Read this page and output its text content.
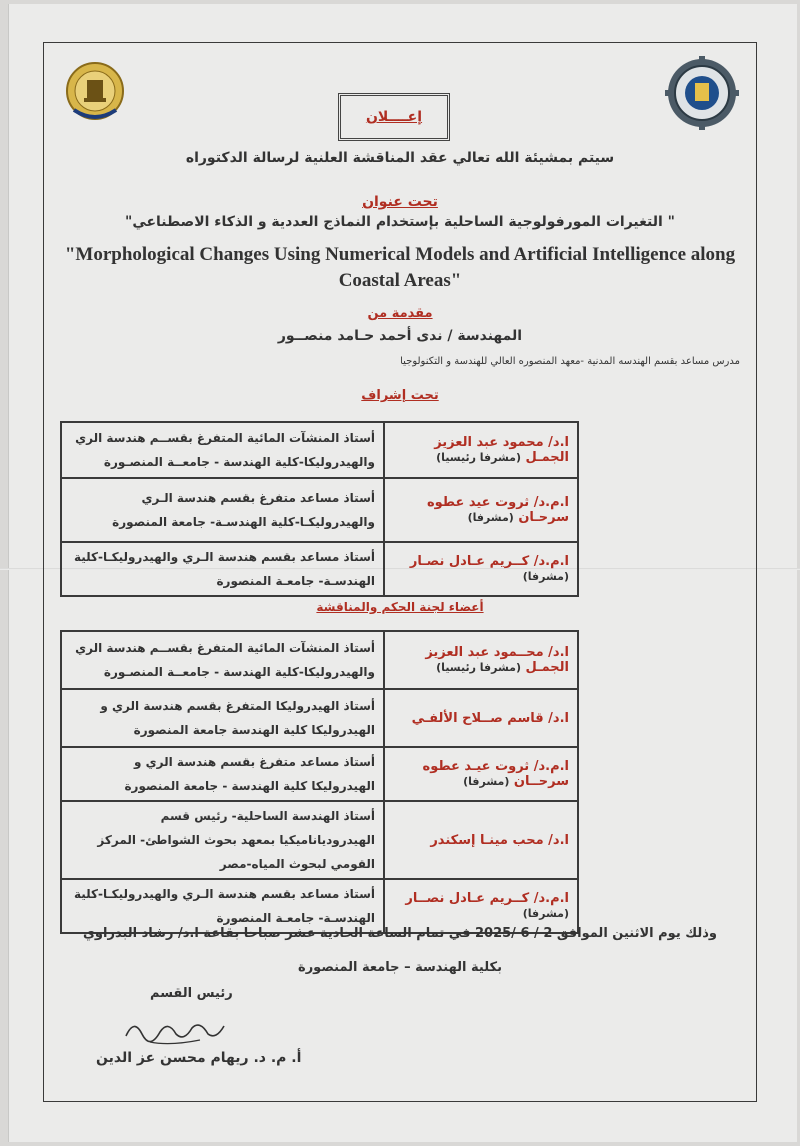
إعــــلان
سيتم بمشيئة الله تعالي عقد المناقشة العلنية لرسالة الدكتوراه
تحت عنوان
" التغيرات المورفولوجية الساحلية بإستخدام النماذج العددية و الذكاء الاصطناعي"
"Morphological Changes Using Numerical Models and Artificial Intelligence along
Coastal Areas"
مقدمة من
المهندسة / ندى أحمد حـامد منصــور
مدرس مساعد بقسم الهندسه المدنية -معهد المنصوره العالي للهندسة و التكنولوجيا
تحت إشراف
ا.د/ محمود عبد العزيز الجمـل (مشرفا رئيسيا)	أستاذ المنشآت المائية المتفرغ بقســم هندسة الري والهيدروليكا-كلية الهندسة - جامعــة المنصـورة
ا.م.د/ ثروت عيد عطوه سرحـان (مشرفا)	أستاذ مساعد متفرغ بقسم هندسة الـري والهيدروليكـا-كلية الهندسـة- جامعة المنصورة
ا.م.د/ كــريم عـادل نصـار (مشرفا)	أستاذ مساعد بقسم هندسة الـري والهيدروليكـا-كلية الهندسـة- جامعـة المنصورة
أعضاء لجنة الحكم والمناقشة
ا.د/ محــمود عبد العزيز الجمـل (مشرفا رئيسيا)	أستاذ المنشآت المائية المتفرغ بقســم هندسة الري والهيدروليكا-كلية الهندسة - جامعــة المنصـورة
ا.د/ قاسم صــلاح الألفـي	أستاذ الهيدروليكا المتفرغ بقسم هندسة الري و الهيدروليكا كلية الهندسة جامعة المنصورة
ا.م.د/ ثروت عيـد عطوه سرحــان (مشرفا)	أستاذ مساعد متفرغ بقسم هندسة الري و الهيدروليكا كلية الهندسة - جامعة المنصورة
ا.د/ محب مينـا إسكندر	أستاذ الهندسة الساحلية- رئيس قسم الهيدرودياناميكيا بمعهد بحوث الشواطئ- المركز القومي لبحوث المياه-مصر
ا.م.د/ كــريم عـادل نصــار (مشرفا)	أستاذ مساعد بقسم هندسة الـري والهيدروليكـا-كلية الهندسـة- جامعـة المنصورة
وذلك يوم الاثنين الموافق 2 / 6 /2025 في تمام الساعة الحادية عشر صباحا بقاعة ا.د/ رشاد البدراوي
بكلية الهندسة – جامعة المنصورة
رئيس القسم
أ. م. د. ريهام محسن عز الدين
